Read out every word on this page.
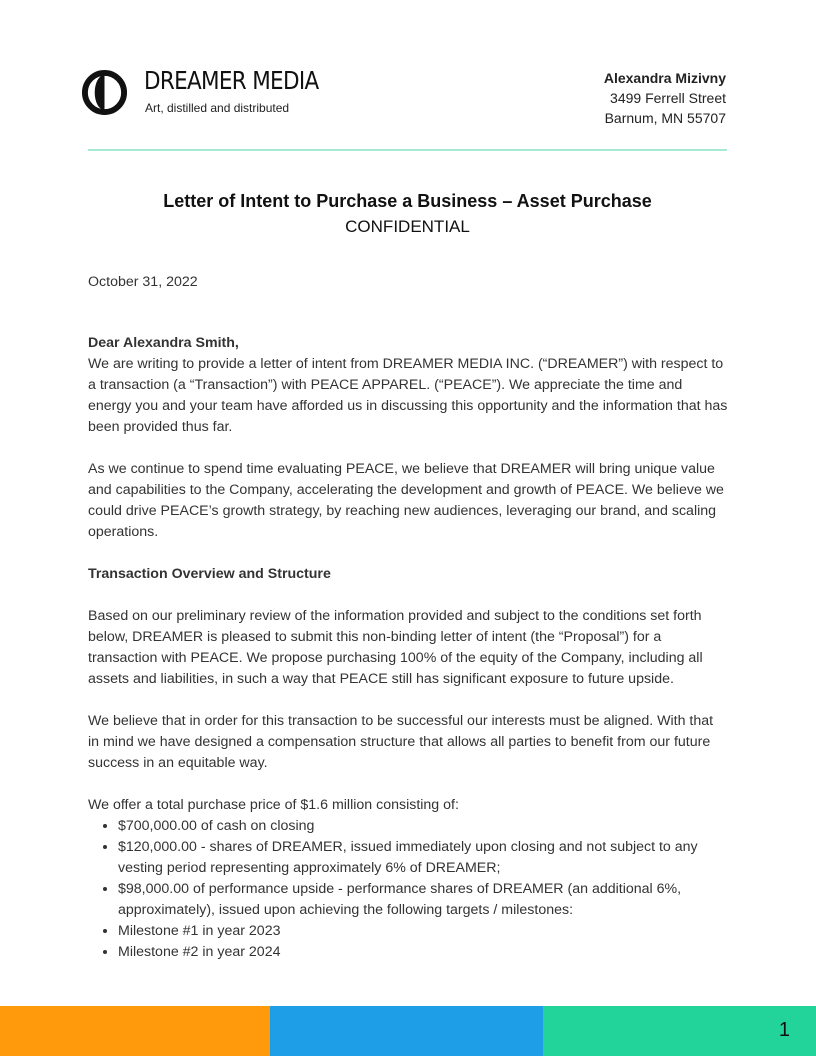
DREAMER MEDIA
Art, distilled and distributed
Alexandra Mizivny
3499 Ferrell Street
Barnum, MN 55707
Letter of Intent to Purchase a Business – Asset Purchase
CONFIDENTIAL

October 31, 2022

Dear Alexandra Smith,

We are writing to provide a letter of intent from DREAMER MEDIA INC. (“DREAMER”) with respect to a transaction (a “Transaction”) with PEACE APPAREL. (“PEACE”). We appreciate the time and energy you and your team have afforded us in discussing this opportunity and the information that has been provided thus far.

As we continue to spend time evaluating PEACE, we believe that DREAMER will bring unique value and capabilities to the Company, accelerating the development and growth of PEACE. We believe we could drive PEACE’s growth strategy, by reaching new audiences, leveraging our brand, and scaling operations.

Transaction Overview and Structure

Based on our preliminary review of the information provided and subject to the conditions set forth below, DREAMER is pleased to submit this non-binding letter of intent (the “Proposal”) for a transaction with PEACE. We propose purchasing 100% of the equity of the Company, including all assets and liabilities, in such a way that PEACE still has significant exposure to future upside.

We believe that in order for this transaction to be successful our interests must be aligned. With that in mind we have designed a compensation structure that allows all parties to benefit from our future success in an equitable way.

We offer a total purchase price of $1.6 million consisting of:

• $700,000.00 of cash on closing
• $120,000.00 - shares of DREAMER, issued immediately upon closing and not subject to any vesting period representing approximately 6% of DREAMER;
• $98,000.00 of performance upside - performance shares of DREAMER (an additional 6%, approximately), issued upon achieving the following targets / milestones:
• Milestone #1 in year 2023
• Milestone #2 in year 2024
1
